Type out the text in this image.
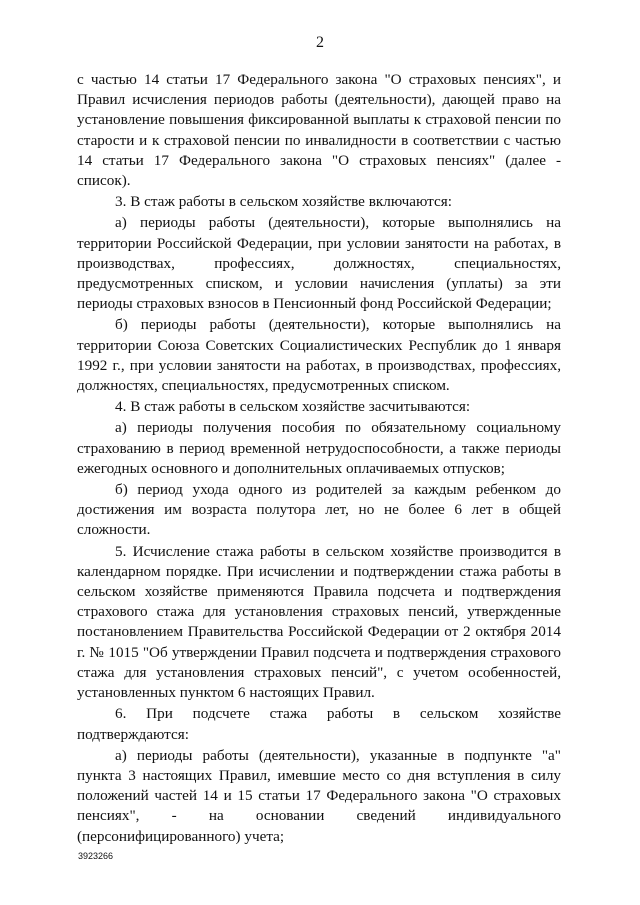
2

с частью 14 статьи 17 Федерального закона "О страховых пенсиях", и Правил исчисления периодов работы (деятельности), дающей право на установление повышения фиксированной выплаты к страховой пенсии по старости и к страховой пенсии по инвалидности в соответствии с частью 14 статьи 17 Федерального закона "О страховых пенсиях" (далее - список).

3. В стаж работы в сельском хозяйстве включаются:

а) периоды работы (деятельности), которые выполнялись на территории Российской Федерации, при условии занятости на работах, в производствах, профессиях, должностях, специальностях, предусмотренных списком, и условии начисления (уплаты) за эти периоды страховых взносов в Пенсионный фонд Российской Федерации;

б) периоды работы (деятельности), которые выполнялись на территории Союза Советских Социалистических Республик до 1 января 1992 г., при условии занятости на работах, в производствах, профессиях, должностях, специальностях, предусмотренных списком.

4. В стаж работы в сельском хозяйстве засчитываются:

а) периоды получения пособия по обязательному социальному страхованию в период временной нетрудоспособности, а также периоды ежегодных основного и дополнительных оплачиваемых отпусков;

б) период ухода одного из родителей за каждым ребенком до достижения им возраста полутора лет, но не более 6 лет в общей сложности.

5. Исчисление стажа работы в сельском хозяйстве производится в календарном порядке. При исчислении и подтверждении стажа работы в сельском хозяйстве применяются Правила подсчета и подтверждения страхового стажа для установления страховых пенсий, утвержденные постановлением Правительства Российской Федерации от 2 октября 2014 г. № 1015 "Об утверждении Правил подсчета и подтверждения страхового стажа для установления страховых пенсий", с учетом особенностей, установленных пунктом 6 настоящих Правил.

6. При подсчете стажа работы в сельском хозяйстве подтверждаются:

а) периоды работы (деятельности), указанные в подпункте "а" пункта 3 настоящих Правил, имевшие место со дня вступления в силу положений частей 14 и 15 статьи 17 Федерального закона "О страховых пенсиях", - на основании сведений индивидуального (персонифицированного) учета;

3923266
